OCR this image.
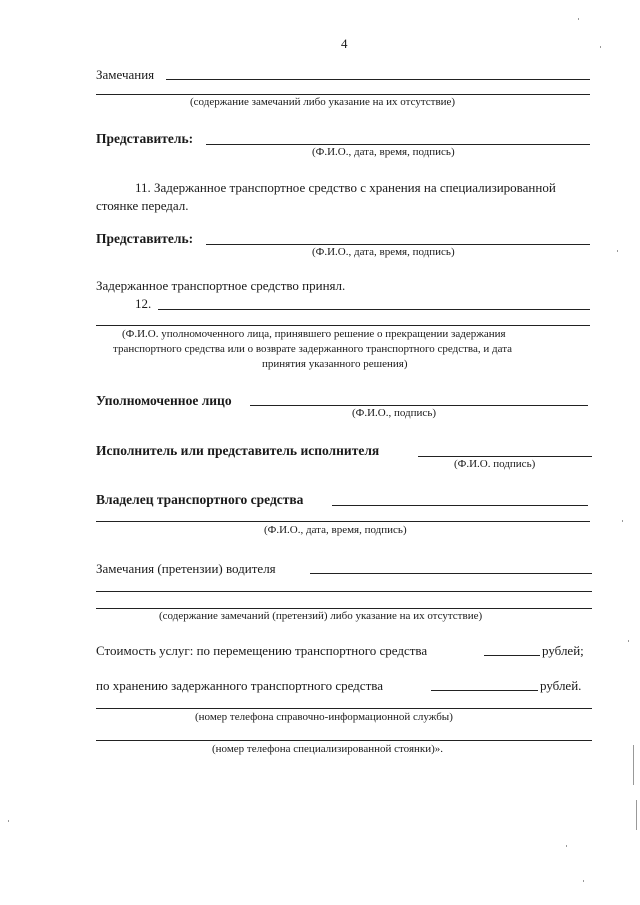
4
Замечания
(содержание замечаний либо указание на их отсутствие)
Представитель:
(Ф.И.О., дата, время, подпись)
11. Задержанное транспортное средство с хранения на специализированной
стоянке передал.
Представитель:
(Ф.И.О., дата, время, подпись)
Задержанное транспортное средство принял.
12.
(Ф.И.О. уполномоченного лица, принявшего решение о прекращении задержания
транспортного средства или о возврате задержанного транспортного средства, и дата
принятия указанного решения)
Уполномоченное лицо
(Ф.И.О., подпись)
Исполнитель или представитель исполнителя
(Ф.И.О. подпись)
Владелец транспортного средства
(Ф.И.О., дата, время, подпись)
Замечания (претензии) водителя
(содержание замечаний (претензий) либо указание на их отсутствие)
Стоимость услуг: по перемещению транспортного средства	рублей;
по хранению задержанного транспортного средства	рублей.
(номер телефона справочно-информационной службы)
(номер телефона специализированной стоянки)».
